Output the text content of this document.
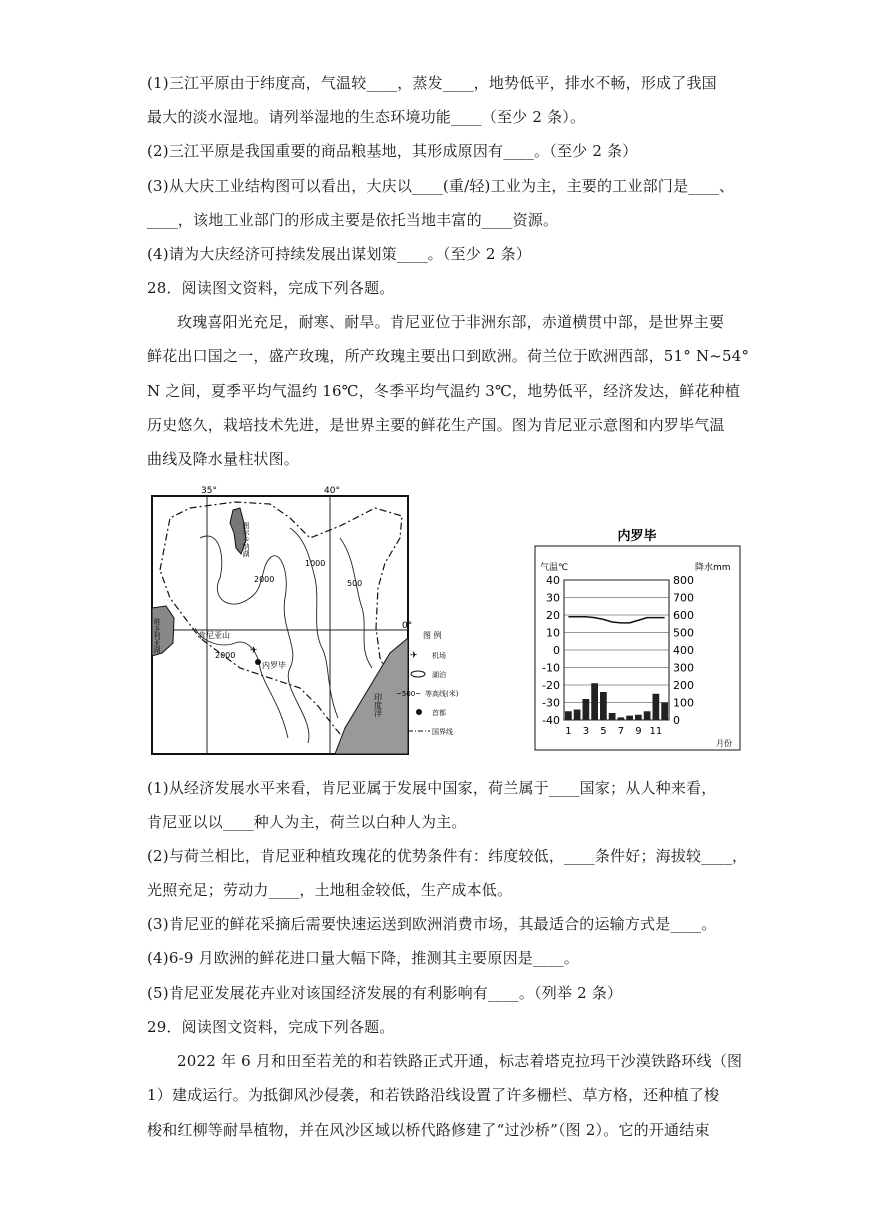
(1)三江平原由于纬度高，气温较____，蒸发____，地势低平，排水不畅，形成了我国
最大的淡水湿地。请列举湿地的生态环境功能____（至少 2 条）。
(2)三江平原是我国重要的商品粮基地，其形成原因有____。（至少 2 条）
(3)从大庆工业结构图可以看出，大庆以____(重/轻)工业为主，主要的工业部门是____、
____，该地工业部门的形成主要是依托当地丰富的____资源。
(4)请为大庆经济可持续发展出谋划策____。（至少 2 条）
28．阅读图文资料，完成下列各题。
玫瑰喜阳光充足，耐寒、耐旱。肯尼亚位于非洲东部，赤道横贯中部，是世界主要
鲜花出口国之一，盛产玫瑰，所产玫瑰主要出口到欧洲。荷兰位于欧洲西部，51° N~54°
N 之间，夏季平均气温约 16℃，冬季平均气温约 3℃，地势低平，经济发达，鲜花种植
历史悠久，栽培技术先进，是世界主要的鲜花生产国。图为肯尼亚示意图和内罗毕气温
曲线及降水量柱状图。
35°	40°
0°
图尔卡纳湖
维多利亚湖
印度洋
2000
1000
500
2000
内罗毕
肯尼亚山
✈
图 例
✈ 机场
湖泊
~500~ 等高线(米)
首都
国界线
内罗毕
气温℃	降水mm
月份
40
30
20
10
0
-10
-20
-30
-40
800
700
600
500
400
300
200
100
0
1 3 5 7 9 11
(1)从经济发展水平来看，肯尼亚属于发展中国家，荷兰属于____国家；从人种来看，
肯尼亚以以____种人为主，荷兰以白种人为主。
(2)与荷兰相比，肯尼亚种植玫瑰花的优势条件有：纬度较低，____条件好；海拔较____，
光照充足；劳动力____，土地租金较低，生产成本低。
(3)肯尼亚的鲜花采摘后需要快速运送到欧洲消费市场，其最适合的运输方式是____。
(4)6-9 月欧洲的鲜花进口量大幅下降，推测其主要原因是____。
(5)肯尼亚发展花卉业对该国经济发展的有利影响有____。（列举 2 条）
29．阅读图文资料，完成下列各题。
2022 年 6 月和田至若羌的和若铁路正式开通，标志着塔克拉玛干沙漠铁路环线（图
1）建成运行。为抵御风沙侵袭，和若铁路沿线设置了许多栅栏、草方格，还种植了梭
梭和红柳等耐旱植物，并在风沙区域以桥代路修建了“过沙桥”（图 2）。它的开通结束
